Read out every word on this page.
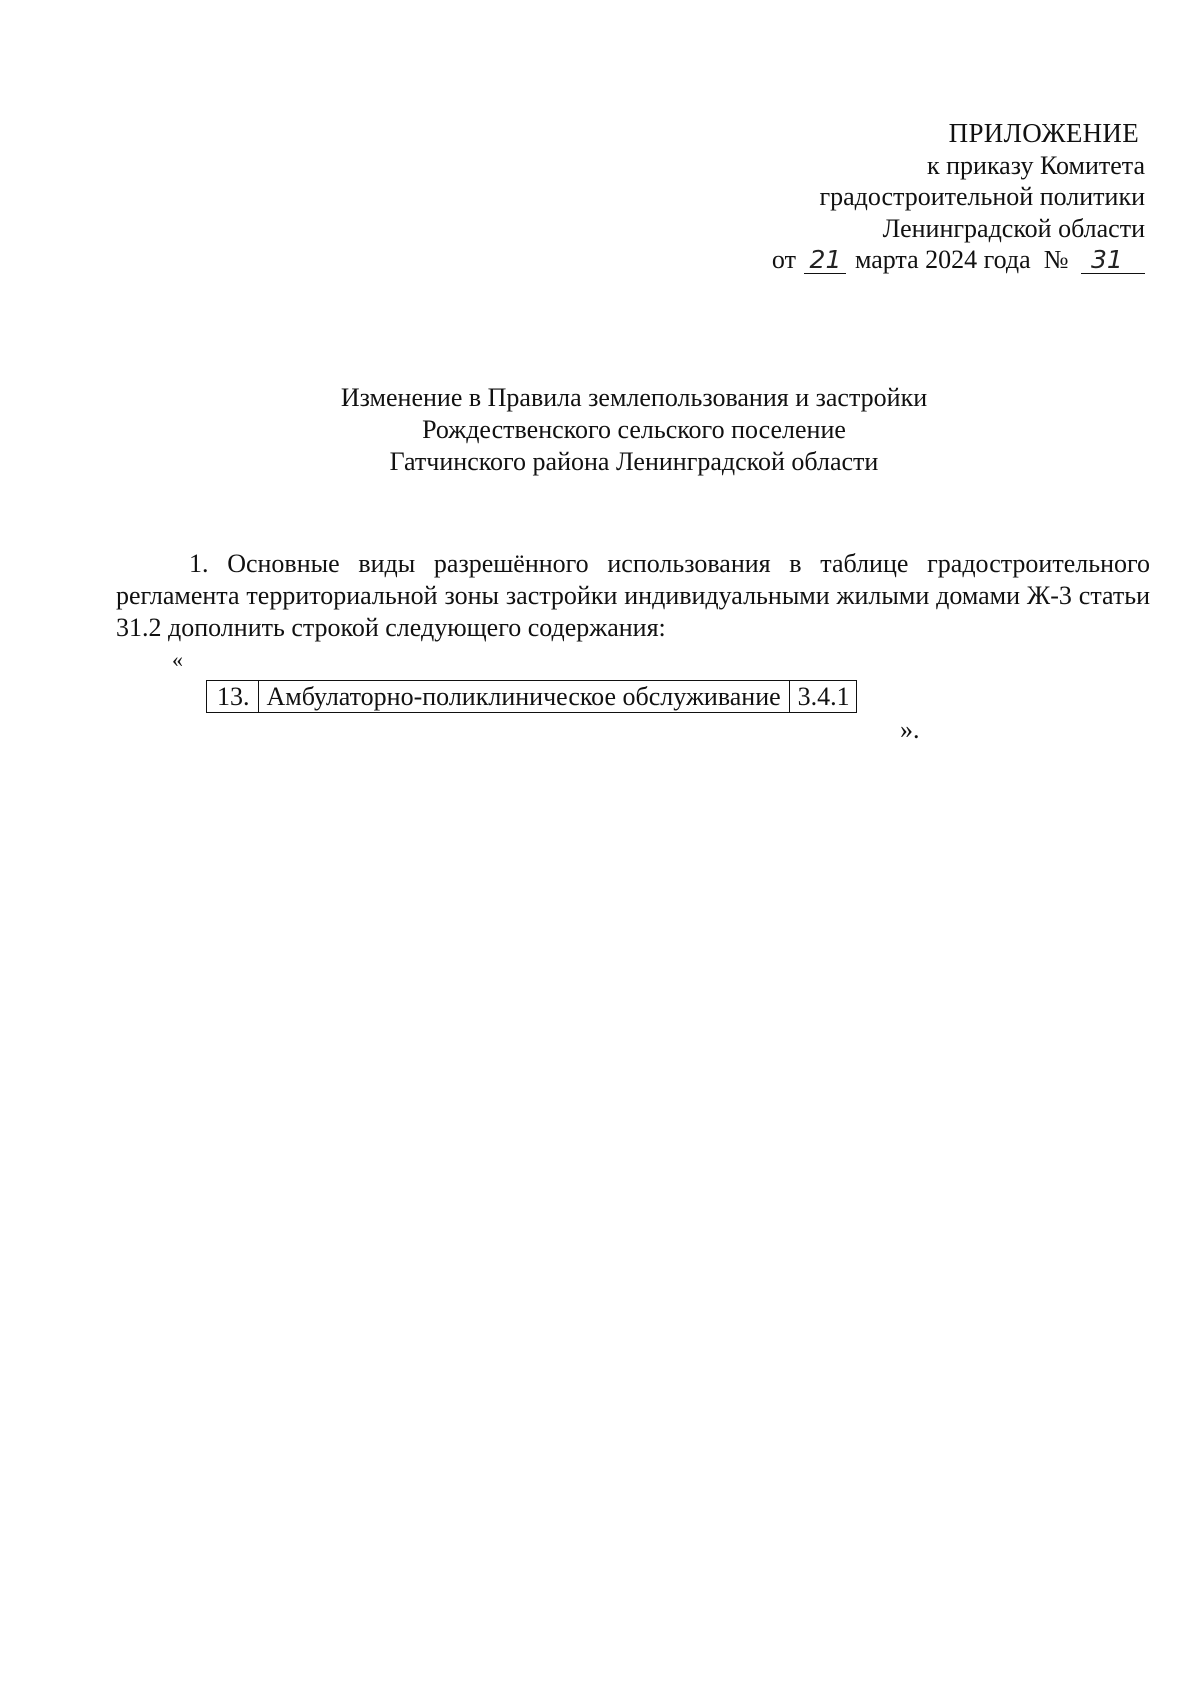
ПРИЛОЖЕНИЕ
к приказу Комитета
градостроительной политики
Ленинградской области
от 21 марта 2024 года № 31
Изменение в Правила землепользования и застройки
Рождественского сельского поселение
Гатчинского района Ленинградской области
1. Основные виды разрешённого использования в таблице градостроительного регламента территориальной зоны застройки индивидуальными жилыми домами Ж-3 статьи 31.2 дополнить строкой следующего содержания:
«
13.	Амбулаторно-поликлиническое обслуживание	3.4.1
».
